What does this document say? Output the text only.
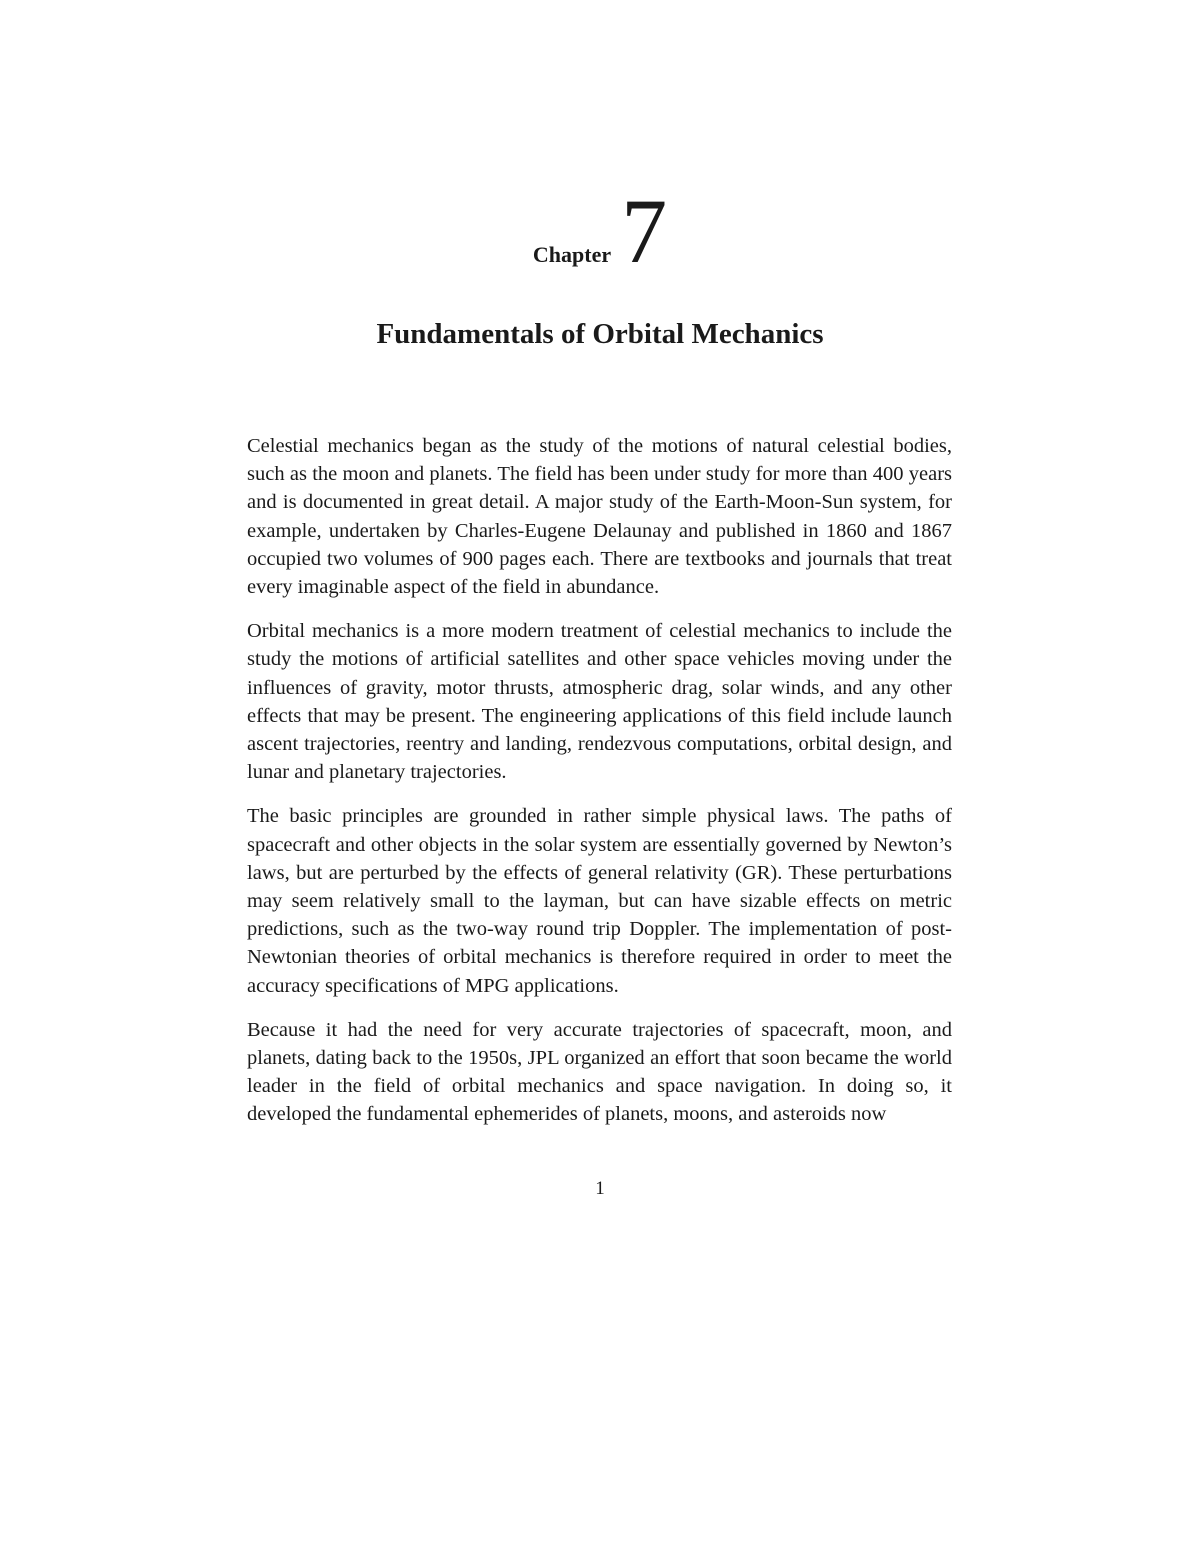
Chapter 7
Fundamentals of Orbital Mechanics

Celestial mechanics began as the study of the motions of natural celestial bodies, such as the moon and planets. The field has been under study for more than 400 years and is documented in great detail. A major study of the Earth-Moon-Sun system, for example, undertaken by Charles-Eugene Delaunay and published in 1860 and 1867 occupied two volumes of 900 pages each. There are textbooks and journals that treat every imaginable aspect of the field in abundance.

Orbital mechanics is a more modern treatment of celestial mechanics to include the study the motions of artificial satellites and other space vehicles moving under the influences of gravity, motor thrusts, atmospheric drag, solar winds, and any other effects that may be present. The engineering applications of this field include launch ascent trajectories, reentry and landing, rendezvous computations, orbital design, and lunar and planetary trajectories.

The basic principles are grounded in rather simple physical laws. The paths of spacecraft and other objects in the solar system are essentially governed by Newton’s laws, but are perturbed by the effects of general relativity (GR). These perturbations may seem relatively small to the layman, but can have sizable effects on metric predictions, such as the two-way round trip Doppler. The implementation of post-Newtonian theories of orbital mechanics is therefore required in order to meet the accuracy specifications of MPG applications.

Because it had the need for very accurate trajectories of spacecraft, moon, and planets, dating back to the 1950s, JPL organized an effort that soon became the world leader in the field of orbital mechanics and space navigation. In doing so, it developed the fundamental ephemerides of planets, moons, and asteroids now

1
